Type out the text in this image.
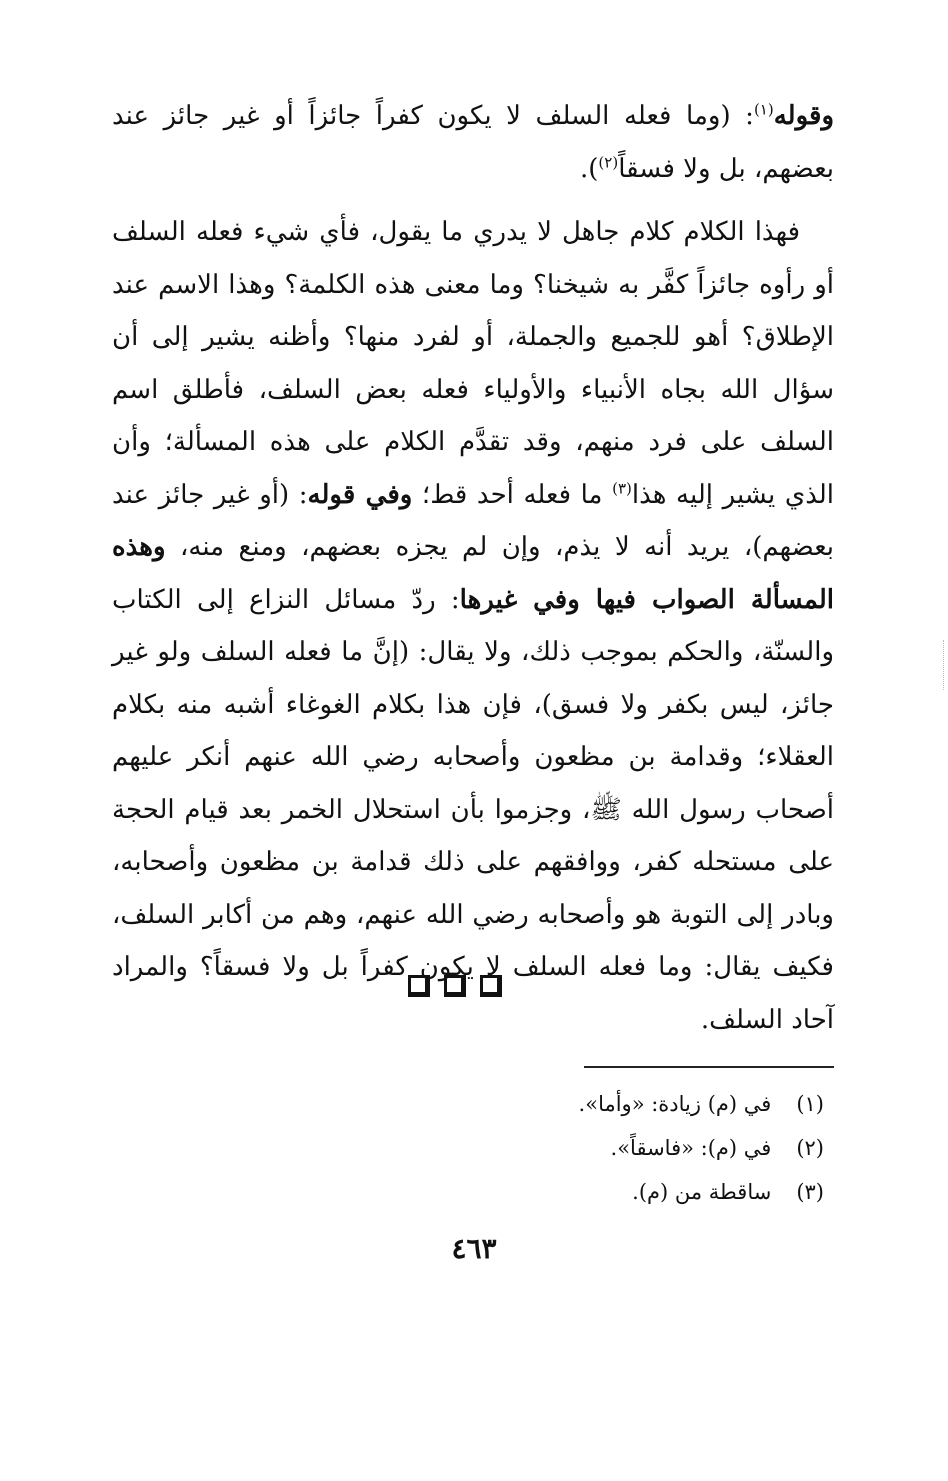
وقوله$^{(١)}$: (وما فعله السلف لا يكون كفراً جائزاً أو غير جائز عند بعضهم، بل ولا فسقاً$^{(٢)}$).
فهذا الكلام كلام جاهل لا يدري ما يقول، فأي شيء فعله السلف أو رأوه جائزاً كفَّر به شيخنا؟ وما معنى هذه الكلمة؟ وهذا الاسم عند الإطلاق؟ أهو للجميع والجملة، أو لفرد منها؟ وأظنه يشير إلى أن سؤال الله بجاه الأنبياء والأولياء فعله بعض السلف، فأطلق اسم السلف على فرد منهم، وقد تقدَّم الكلام على هذه المسألة؛ وأن الذي يشير إليه هذا$^{(٣)}$ ما فعله أحد قط؛ وفي قوله: (أو غير جائز عند بعضهم)، يريد أنه لا يذم، وإن لم يجزه بعضهم، ومنع منه، وهذه المسألة الصواب فيها وفي غيرها: ردّ مسائل النزاع إلى الكتاب والسنّة، والحكم بموجب ذلك، ولا يقال: (إنَّ ما فعله السلف ولو غير جائز، ليس بكفر ولا فسق)، فإن هذا بكلام الغوغاء أشبه منه بكلام العقلاء؛ وقدامة بن مظعون وأصحابه رضي الله عنهم أنكر عليهم أصحاب رسول الله ﷺ، وجزموا بأن استحلال الخمر بعد قيام الحجة على مستحله كفر، ووافقهم على ذلك قدامة بن مظعون وأصحابه، وبادر إلى التوبة هو وأصحابه رضي الله عنهم، وهم من أكابر السلف، فكيف يقال: وما فعله السلف لا يكون كفراً بل ولا فسقاً؟ والمراد آحاد السلف.
(١) في (م) زيادة: «وأما».
(٢) في (م): «فاسقاً».
(٣) ساقطة من (م).
٤٦٣
